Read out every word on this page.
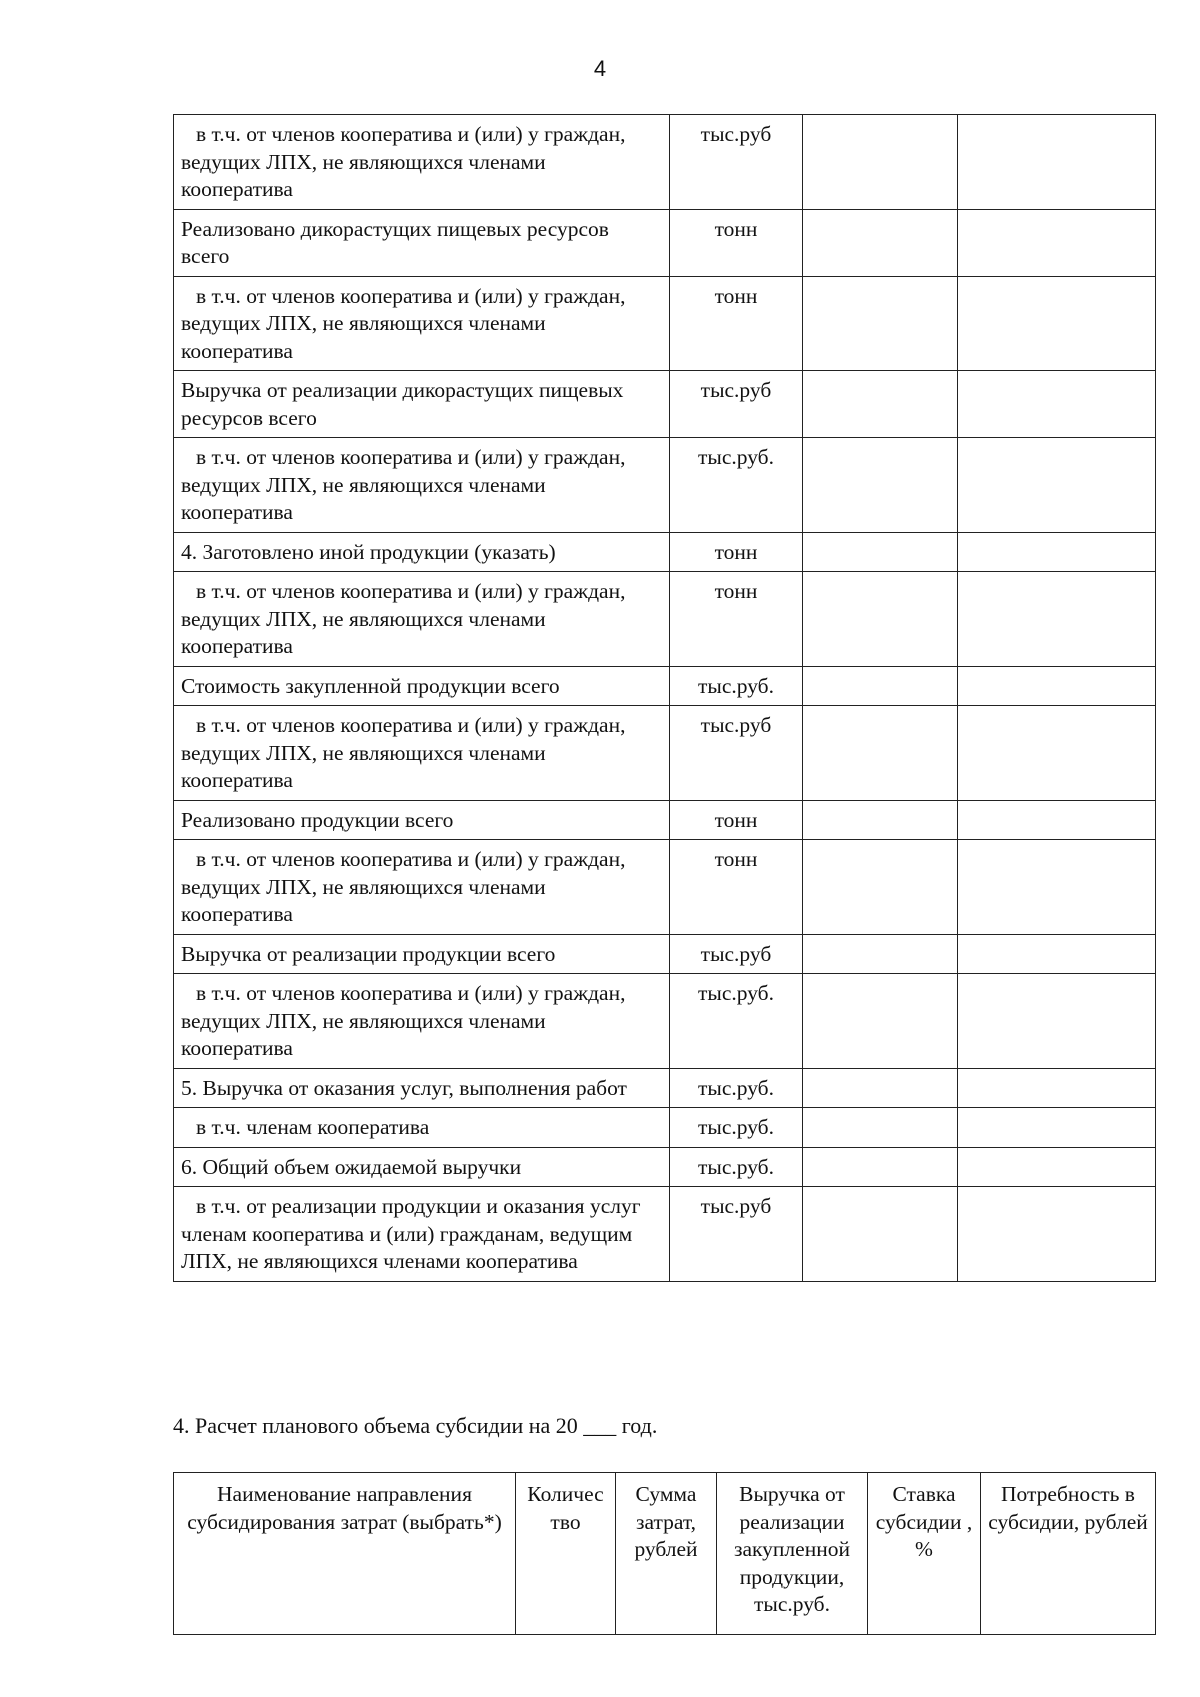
4
в т.ч. от членов кооператива и (или) у граждан, ведущих ЛПХ, не являющихся членами кооператива	тыс.руб		
Реализовано дикорастущих пищевых ресурсов всего	тонн		
в т.ч. от членов кооператива и (или) у граждан, ведущих ЛПХ, не являющихся членами кооператива	тонн		
Выручка от реализации дикорастущих пищевых ресурсов всего	тыс.руб		
в т.ч. от членов кооператива и (или) у граждан, ведущих ЛПХ, не являющихся членами кооператива	тыс.руб.		
4. Заготовлено иной продукции (указать)	тонн		
в т.ч. от членов кооператива и (или) у граждан, ведущих ЛПХ, не являющихся членами кооператива	тонн		
Стоимость закупленной продукции всего	тыс.руб.		
в т.ч. от членов кооператива и (или) у граждан, ведущих ЛПХ, не являющихся членами кооператива	тыс.руб		
Реализовано продукции всего	тонн		
в т.ч. от членов кооператива и (или) у граждан, ведущих ЛПХ, не являющихся членами кооператива	тонн		
Выручка от реализации продукции всего	тыс.руб		
в т.ч. от членов кооператива и (или) у граждан, ведущих ЛПХ, не являющихся членами кооператива	тыс.руб.		
5. Выручка от оказания услуг, выполнения работ	тыс.руб.		
в т.ч. членам кооператива	тыс.руб.		
6. Общий объем ожидаемой выручки	тыс.руб.		
в т.ч. от реализации продукции и оказания услуг членам кооператива и (или) гражданам, ведущим ЛПХ, не являющихся членами кооператива	тыс.руб		
4. Расчет планового объема субсидии на 20 ___ год.
Наименование направления субсидирования затрат (выбрать*)	Количес тво	Сумма затрат, рублей	Выручка от реализации закупленной продукции, тыс.руб.	Ставка субсидии , %	Потребность в субсидии, рублей
